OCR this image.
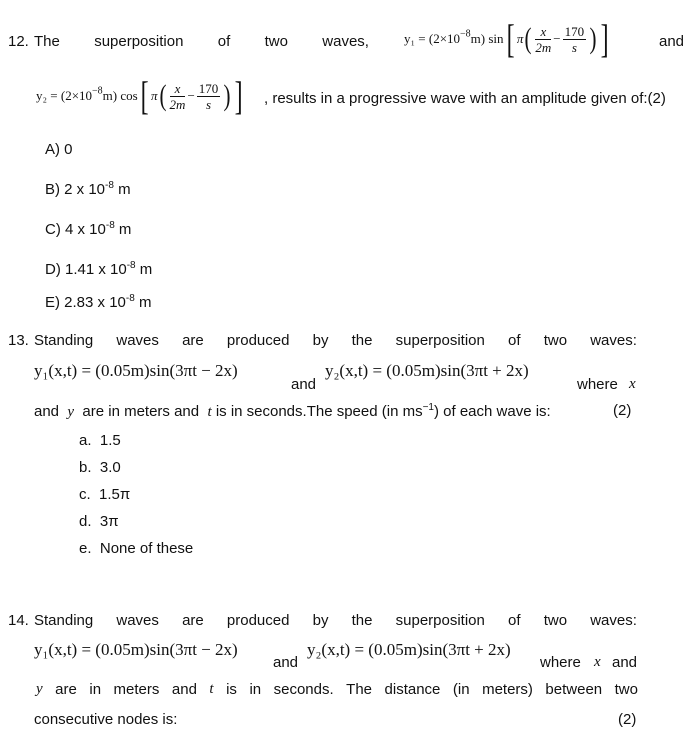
12. The superposition of two waves,	$y_1 = (2\times 10^{-8}m)$ sin[ $\pi( \frac{x}{2m} - \frac{170}{s}$ ) ]	and
$y_2 = (2\times 10^{-8}m)$ cos[ $\pi( \frac{x}{2m} - \frac{170}{s}$ ) ] , results in a progressive wave with an amplitude given of:(2)
A) 0
B) 2 x $10^{-8}$ m
C) 4 x $10^{-8}$ m
D) 1.41 x $10^{-8}$ m
E) 2.83 x $10^{-8}$ m
13. Standing waves are produced by the superposition of two waves:
y₁(x,t) = (0.05m)sin(3πt − 2x)
and
y₂(x,t) = (0.05m)sin(3πt + 2x)
where x
and y are in meters and t is in seconds.The speed (in $ms^{-1}$) of each wave is:	(2)
a. 1.5
b. 3.0
c. 1.5π
d. 3π
e. None of these
14. Standing waves are produced by the superposition of two waves:
y₁(x,t) = (0.05m)sin(3πt − 2x)
and
y₂(x,t) = (0.05m)sin(3πt + 2x)
where x and
y are in meters and t is in seconds. The distance (in meters) between two
consecutive nodes is:	(2)
